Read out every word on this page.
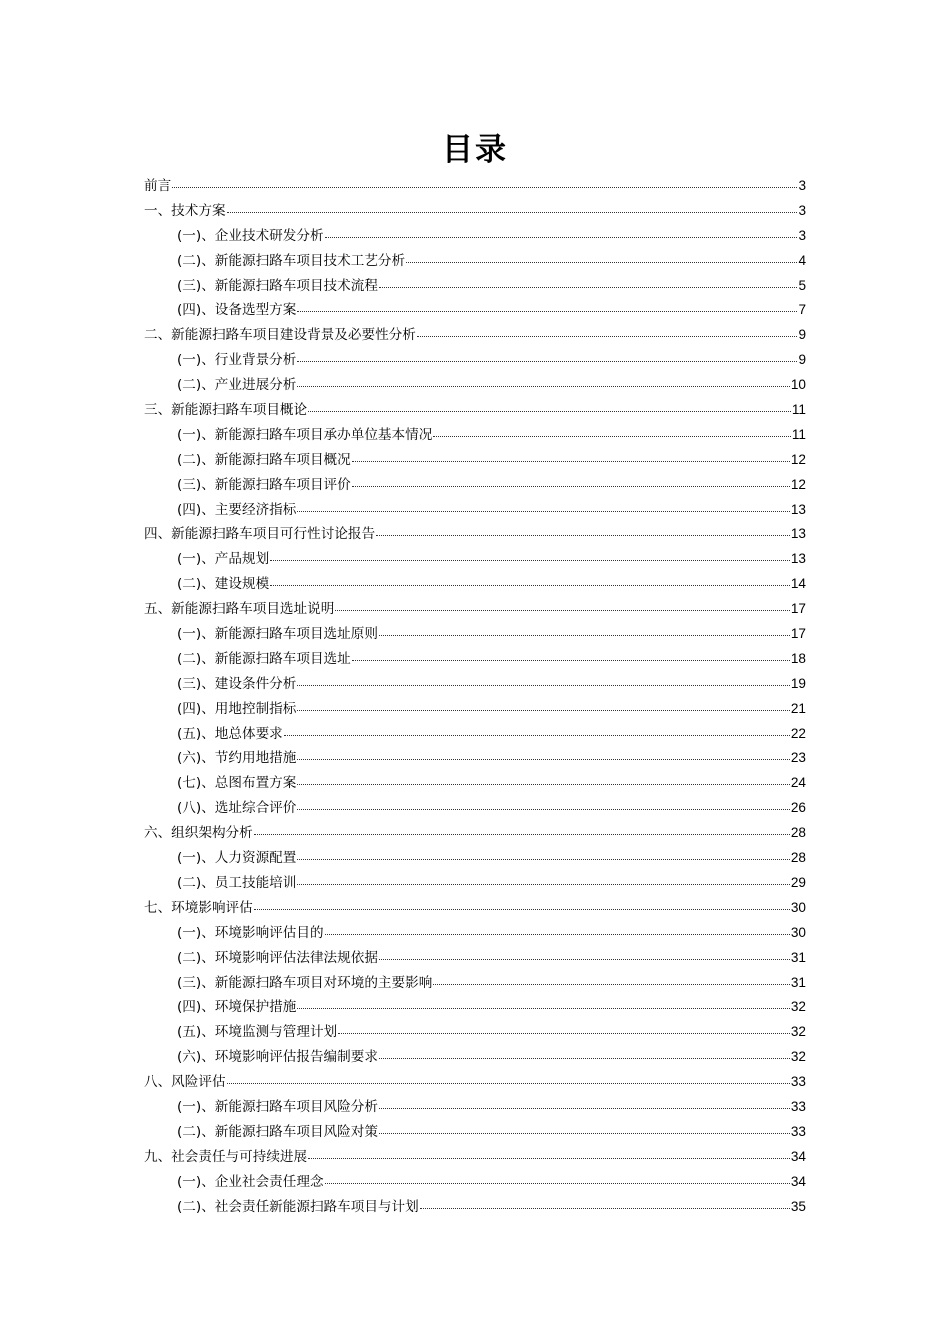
目录
前言	3
一、技术方案	3
(一)、企业技术研发分析	3
(二)、新能源扫路车项目技术工艺分析	4
(三)、新能源扫路车项目技术流程	5
(四)、设备选型方案	7
二、新能源扫路车项目建设背景及必要性分析	9
(一)、行业背景分析	9
(二)、产业进展分析	10
三、新能源扫路车项目概论	11
(一)、新能源扫路车项目承办单位基本情况	11
(二)、新能源扫路车项目概况	12
(三)、新能源扫路车项目评价	12
(四)、主要经济指标	13
四、新能源扫路车项目可行性讨论报告	13
(一)、产品规划	13
(二)、建设规模	14
五、新能源扫路车项目选址说明	17
(一)、新能源扫路车项目选址原则	17
(二)、新能源扫路车项目选址	18
(三)、建设条件分析	19
(四)、用地控制指标	21
(五)、地总体要求	22
(六)、节约用地措施	23
(七)、总图布置方案	24
(八)、选址综合评价	26
六、组织架构分析	28
(一)、人力资源配置	28
(二)、员工技能培训	29
七、环境影响评估	30
(一)、环境影响评估目的	30
(二)、环境影响评估法律法规依据	31
(三)、新能源扫路车项目对环境的主要影响	31
(四)、环境保护措施	32
(五)、环境监测与管理计划	32
(六)、环境影响评估报告编制要求	32
八、风险评估	33
(一)、新能源扫路车项目风险分析	33
(二)、新能源扫路车项目风险对策	33
九、社会责任与可持续进展	34
(一)、企业社会责任理念	34
(二)、社会责任新能源扫路车项目与计划	35
